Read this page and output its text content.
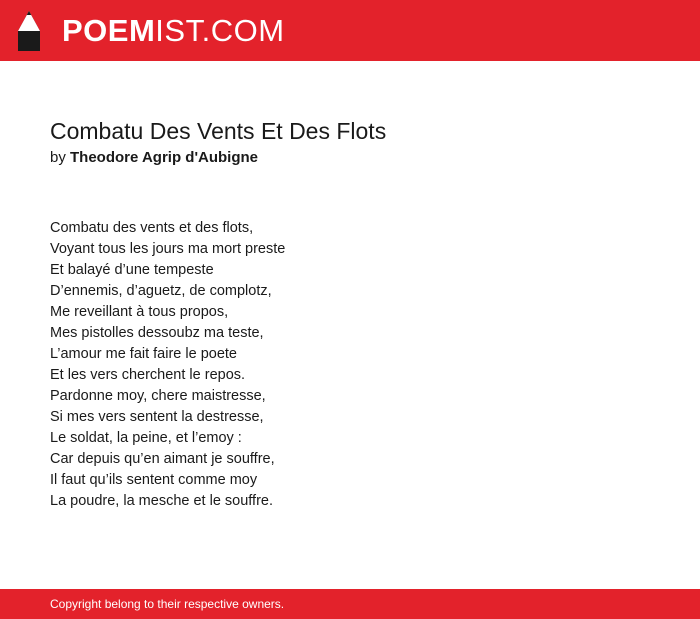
POEMIST.COM
Combatu Des Vents Et Des Flots
by Theodore Agrip d'Aubigne
Combatu des vents et des flots,
Voyant tous les jours ma mort preste
Et balayé d’une tempeste
D’ennemis, d’aguetz, de complotz,
Me reveillant à tous propos,
Mes pistolles dessoubz ma teste,
L’amour me fait faire le poete
Et les vers cherchent le repos.
Pardonne moy, chere maistresse,
Si mes vers sentent la destresse,
Le soldat, la peine, et l’emoy :
Car depuis qu’en aimant je souffre,
Il faut qu’ils sentent comme moy
La poudre, la mesche et le souffre.
Copyright belong to their respective owners.
